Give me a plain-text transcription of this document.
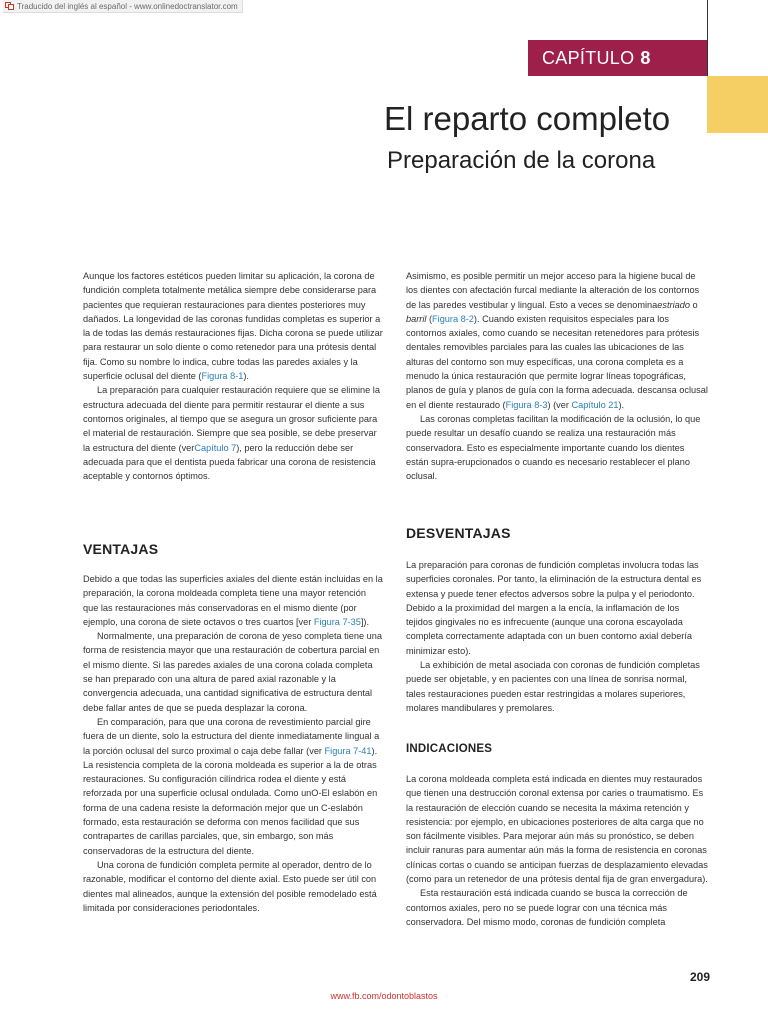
Traducido del inglés al español - www.onlinedoctranslator.com
CAPÍTULO 8
El reparto completo
Preparación de la corona

Aunque los factores estéticos pueden limitar su aplicación, la corona de fundición completa totalmente metálica siempre debe considerarse para pacientes que requieran restauraciones para dientes posteriores muy dañados. La longevidad de las coronas fundidas completas es superior a la de todas las demás restauraciones fijas. Dicha corona se puede utilizar para restaurar un solo diente o como retenedor para una prótesis dental fija. Como su nombre lo indica, cubre todas las paredes axiales y la superficie oclusal del diente (Figura 8-1).

La preparación para cualquier restauración requiere que se elimine la estructura adecuada del diente para permitir restaurar el diente a sus contornos originales, al tiempo que se asegura un grosor suficiente para el material de restauración. Siempre que sea posible, se debe preservar la estructura del diente (verCapítulo 7), pero la reducción debe ser adecuada para que el dentista pueda fabricar una corona de resistencia aceptable y contornos óptimos.

VENTAJAS

Debido a que todas las superficies axiales del diente están incluidas en la preparación, la corona moldeada completa tiene una mayor retención que las restauraciones más conservadoras en el mismo diente (por ejemplo, una corona de siete octavos o tres cuartos [ver Figura 7-35]).

Normalmente, una preparación de corona de yeso completa tiene una forma de resistencia mayor que una restauración de cobertura parcial en el mismo diente. Si las paredes axiales de una corona colada completa se han preparado con una altura de pared axial razonable y la convergencia adecuada, una cantidad significativa de estructura dental debe fallar antes de que se pueda desplazar la corona.

En comparación, para que una corona de revestimiento parcial gire fuera de un diente, solo la estructura del diente inmediatamente lingual a la porción oclusal del surco proximal o caja debe fallar (ver Figura 7-41). La resistencia completa de la corona moldeada es superior a la de otras restauraciones. Su configuración cilíndrica rodea el diente y está reforzada por una superficie oclusal ondulada. Como unO-El eslabón en forma de una cadena resiste la deformación mejor que un C-eslabón formado, esta restauración se deforma con menos facilidad que sus contrapartes de carillas parciales, que, sin embargo, son más conservadoras de la estructura del diente.

Una corona de fundición completa permite al operador, dentro de lo razonable, modificar el contorno del diente axial. Esto puede ser útil con dientes mal alineados, aunque la extensión del posible remodelado está limitada por consideraciones periodontales.

Asimismo, es posible permitir un mejor acceso para la higiene bucal de los dientes con afectación furcal mediante la alteración de los contornos de las paredes vestibular y lingual. Esto a veces se denominaestriado o barril (Figura 8-2). Cuando existen requisitos especiales para los contornos axiales, como cuando se necesitan retenedores para prótesis dentales removibles parciales para las cuales las ubicaciones de las alturas del contorno son muy específicas, una corona completa es a menudo la única restauración que permite lograr líneas topográficas, planos de guía y planos de guía con la forma adecuada. descansa oclusal en el diente restaurado (Figura 8-3) (ver Capítulo 21).

Las coronas completas facilitan la modificación de la oclusión, lo que puede resultar un desafío cuando se realiza una restauración más conservadora. Esto es especialmente importante cuando los dientes están supra-erupcionados o cuando es necesario restablecer el plano oclusal.

DESVENTAJAS

La preparación para coronas de fundición completas involucra todas las superficies coronales. Por tanto, la eliminación de la estructura dental es extensa y puede tener efectos adversos sobre la pulpa y el periodonto. Debido a la proximidad del margen a la encía, la inflamación de los tejidos gingivales no es infrecuente (aunque una corona escayolada completa correctamente adaptada con un buen contorno axial debería minimizar esto).

La exhibición de metal asociada con coronas de fundición completas puede ser objetable, y en pacientes con una línea de sonrisa normal, tales restauraciones pueden estar restringidas a molares superiores, molares mandibulares y premolares.

INDICACIONES

La corona moldeada completa está indicada en dientes muy restaurados que tienen una destrucción coronal extensa por caries o traumatismo. Es la restauración de elección cuando se necesita la máxima retención y resistencia: por ejemplo, en ubicaciones posteriores de alta carga que no son fácilmente visibles. Para mejorar aún más su pronóstico, se deben incluir ranuras para aumentar aún más la forma de resistencia en coronas clínicas cortas o cuando se anticipan fuerzas de desplazamiento elevadas (como para un retenedor de una prótesis dental fija de gran envergadura).

Esta restauración está indicada cuando se busca la corrección de contornos axiales, pero no se puede lograr con una técnica más conservadora. Del mismo modo, coronas de fundición completa

209
www.fb.com/odontoblastos
